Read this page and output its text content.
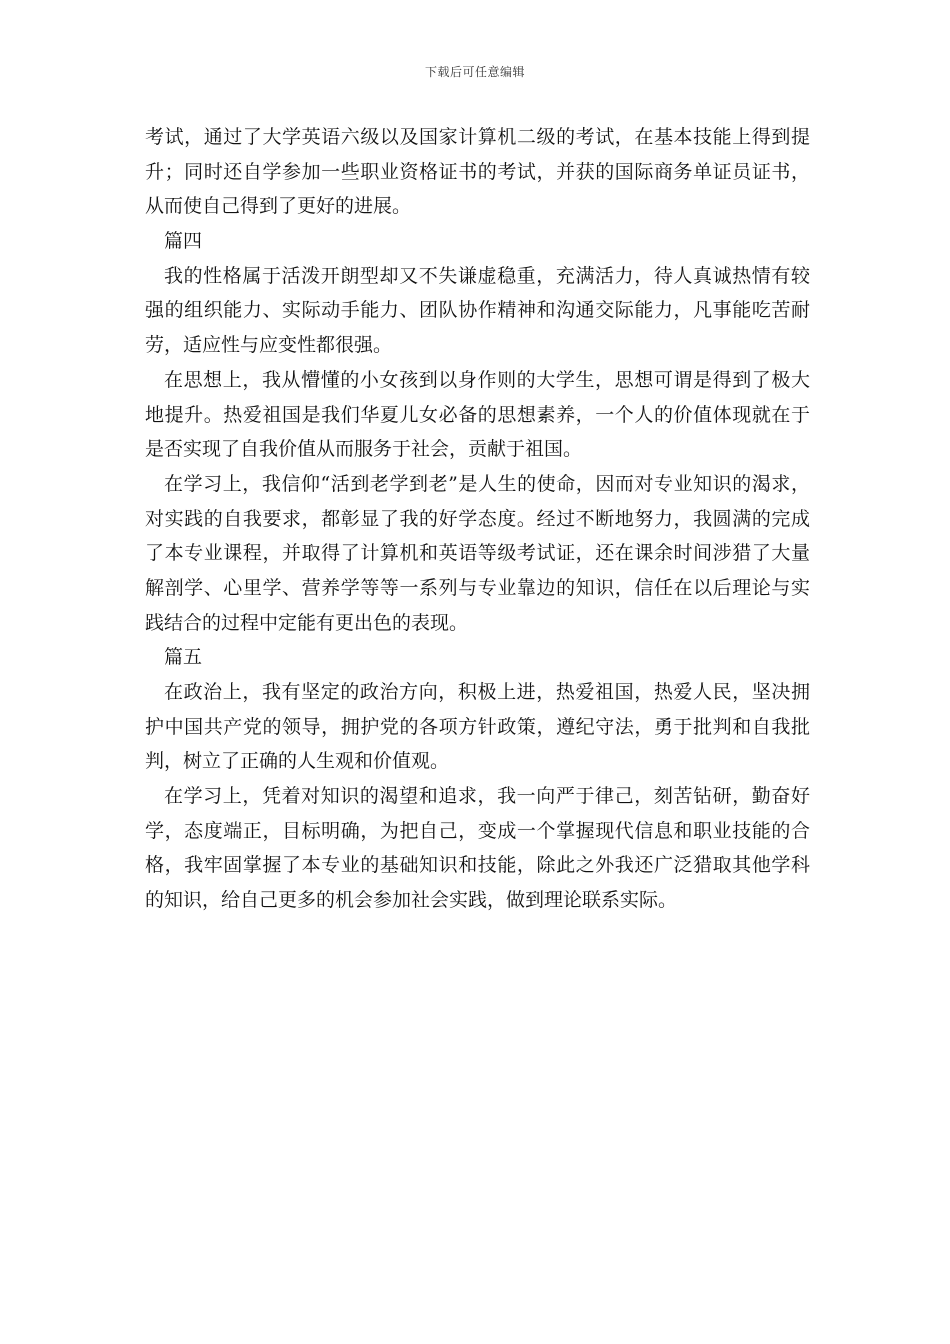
下载后可任意编辑
考试，通过了大学英语六级以及国家计算机二级的考试，在基本技能上得到提
升；同时还自学参加一些职业资格证书的考试，并获的国际商务单证员证书，
从而使自己得到了更好的进展。
篇四
我的性格属于活泼开朗型却又不失谦虚稳重，充满活力，待人真诚热情有较
强的组织能力、实际动手能力、团队协作精神和沟通交际能力，凡事能吃苦耐
劳，适应性与应变性都很强。
在思想上，我从懵懂的小女孩到以身作则的大学生，思想可谓是得到了极大
地提升。热爱祖国是我们华夏儿女必备的思想素养，一个人的价值体现就在于
是否实现了自我价值从而服务于社会，贡献于祖国。
在学习上，我信仰“活到老学到老”是人生的使命，因而对专业知识的渴求，
对实践的自我要求，都彰显了我的好学态度。经过不断地努力，我圆满的完成
了本专业课程，并取得了计算机和英语等级考试证，还在课余时间涉猎了大量
解剖学、心里学、营养学等等一系列与专业靠边的知识，信任在以后理论与实
践结合的过程中定能有更出色的表现。
篇五
在政治上，我有坚定的政治方向，积极上进，热爱祖国，热爱人民，坚决拥
护中国共产党的领导，拥护党的各项方针政策，遵纪守法，勇于批判和自我批
判，树立了正确的人生观和价值观。
在学习上，凭着对知识的渴望和追求，我一向严于律己，刻苦钻研，勤奋好
学，态度端正，目标明确，为把自己，变成一个掌握现代信息和职业技能的合
格，我牢固掌握了本专业的基础知识和技能，除此之外我还广泛猎取其他学科
的知识，给自己更多的机会参加社会实践，做到理论联系实际。
